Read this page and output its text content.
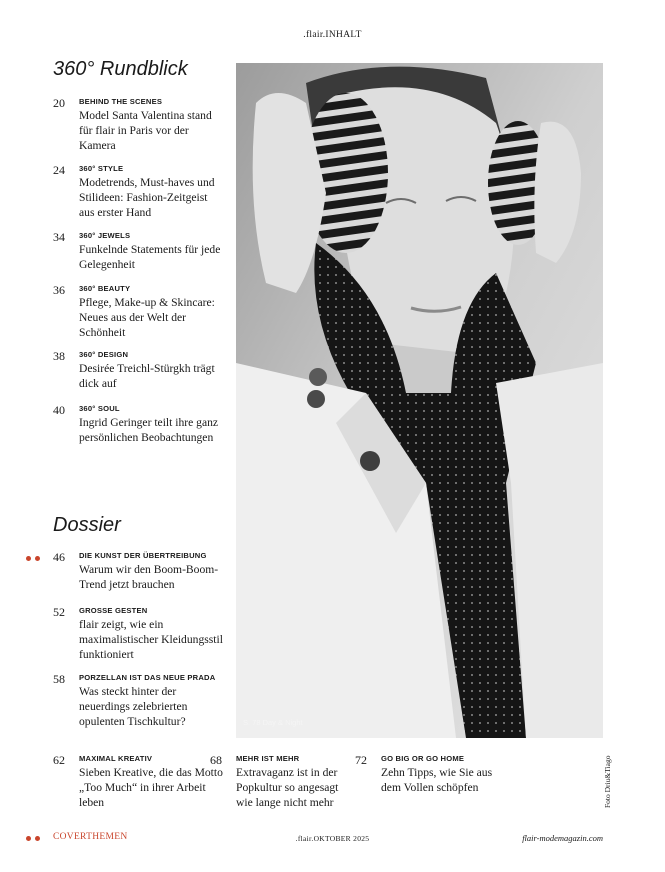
.flair.INHALT
360° Rundblick
20 BEHIND THE SCENES
Model Santa Valentina stand für flair in Paris vor der Kamera
24 360° STYLE
Modetrends, Must-haves und Stilideen: Fashion-Zeitgeist aus erster Hand
34 360° JEWELS
Funkelnde Statements für jede Gelegenheit
36 360° BEAUTY
Pflege, Make-up & Skincare: Neues aus der Welt der Schönheit
38 360° DESIGN
Desirée Treichl-Stürgkh trägt dick auf
40 360° SOUL
Ingrid Geringer teilt ihre ganz persönlichen Beobachtungen
Dossier
46 DIE KUNST DER ÜBERTREIBUNG
Warum wir den Boom-Boom-Trend jetzt brauchen
52 GROSSE GESTEN
flair zeigt, wie ein maximalistischer Kleidungsstil funktioniert
58 PORZELLAN IST DAS NEUE PRADA
Was steckt hinter der neuerdings zelebrierten opulenten Tischkultur?	S. 78 Day & Night
62 MAXIMAL KREATIV
Sieben Kreative, die das Motto „Too Much“ in ihrer Arbeit leben
68 MEHR IST MEHR
Extravaganz ist in der Popkultur so angesagt wie lange nicht mehr
72 GO BIG OR GO HOME
Zehn Tipps, wie Sie aus dem Vollen schöpfen	Foto Driu&Tiago
COVERTHEMEN	.flair.OKTOBER 2025	flair-modemagazin.com
